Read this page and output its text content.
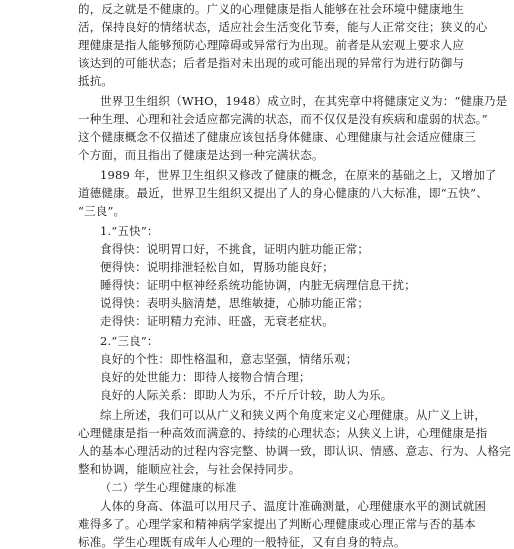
的，反之就是不健康的。广义的心理健康是指人能够在社会环境中健康地生
活，保持良好的情绪状态，适应社会生活变化节奏，能与人正常交往；狭义的心
理健康是指人能够预防心理障碍或异常行为出现。前者是从宏观上要求人应
该达到的可能状态；后者是指对未出现的或可能出现的异常行为进行防御与
抵抗。
世界卫生组织（WHO，1948）成立时，在其宪章中将健康定义为：“健康乃是
一种生理、心理和社会适应都完满的状态，而不仅仅是没有疾病和虚弱的状态。”
这个健康概念不仅描述了健康应该包括身体健康、心理健康与社会适应健康三
个方面，而且指出了健康是达到一种完满状态。
1989 年，世界卫生组织又修改了健康的概念，在原来的基础之上，又增加了
道德健康。最近，世界卫生组织又提出了人的身心健康的八大标准，即“五快”、
“三良”。
1.“五快”：
食得快：说明胃口好，不挑食，证明内脏功能正常；
便得快：说明排泄轻松自如，胃肠功能良好；
睡得快：证明中枢神经系统功能协调，内脏无病理信息干扰；
说得快：表明头脑清楚，思维敏捷，心肺功能正常；
走得快：证明精力充沛、旺盛，无衰老症状。
2.“三良”：
良好的个性：即性格温和，意志坚强，情绪乐观；
良好的处世能力：即待人接物合情合理；
良好的人际关系：即助人为乐，不斤斤计较，助人为乐。
综上所述，我们可以从广义和狭义两个角度来定义心理健康。从广义上讲，
心理健康是指一种高效而满意的、持续的心理状态；从狭义上讲，心理健康是指
人的基本心理活动的过程内容完整、协调一致，即认识、情感、意志、行为、人格完
整和协调，能顺应社会，与社会保持同步。
（二）学生心理健康的标准
人体的身高、体温可以用尺子、温度计准确测量，心理健康水平的测试就困
难得多了。心理学家和精神病学家提出了判断心理健康或心理正常与否的基本
标准。学生心理既有成年人心理的一般特征，又有自身的特点。
